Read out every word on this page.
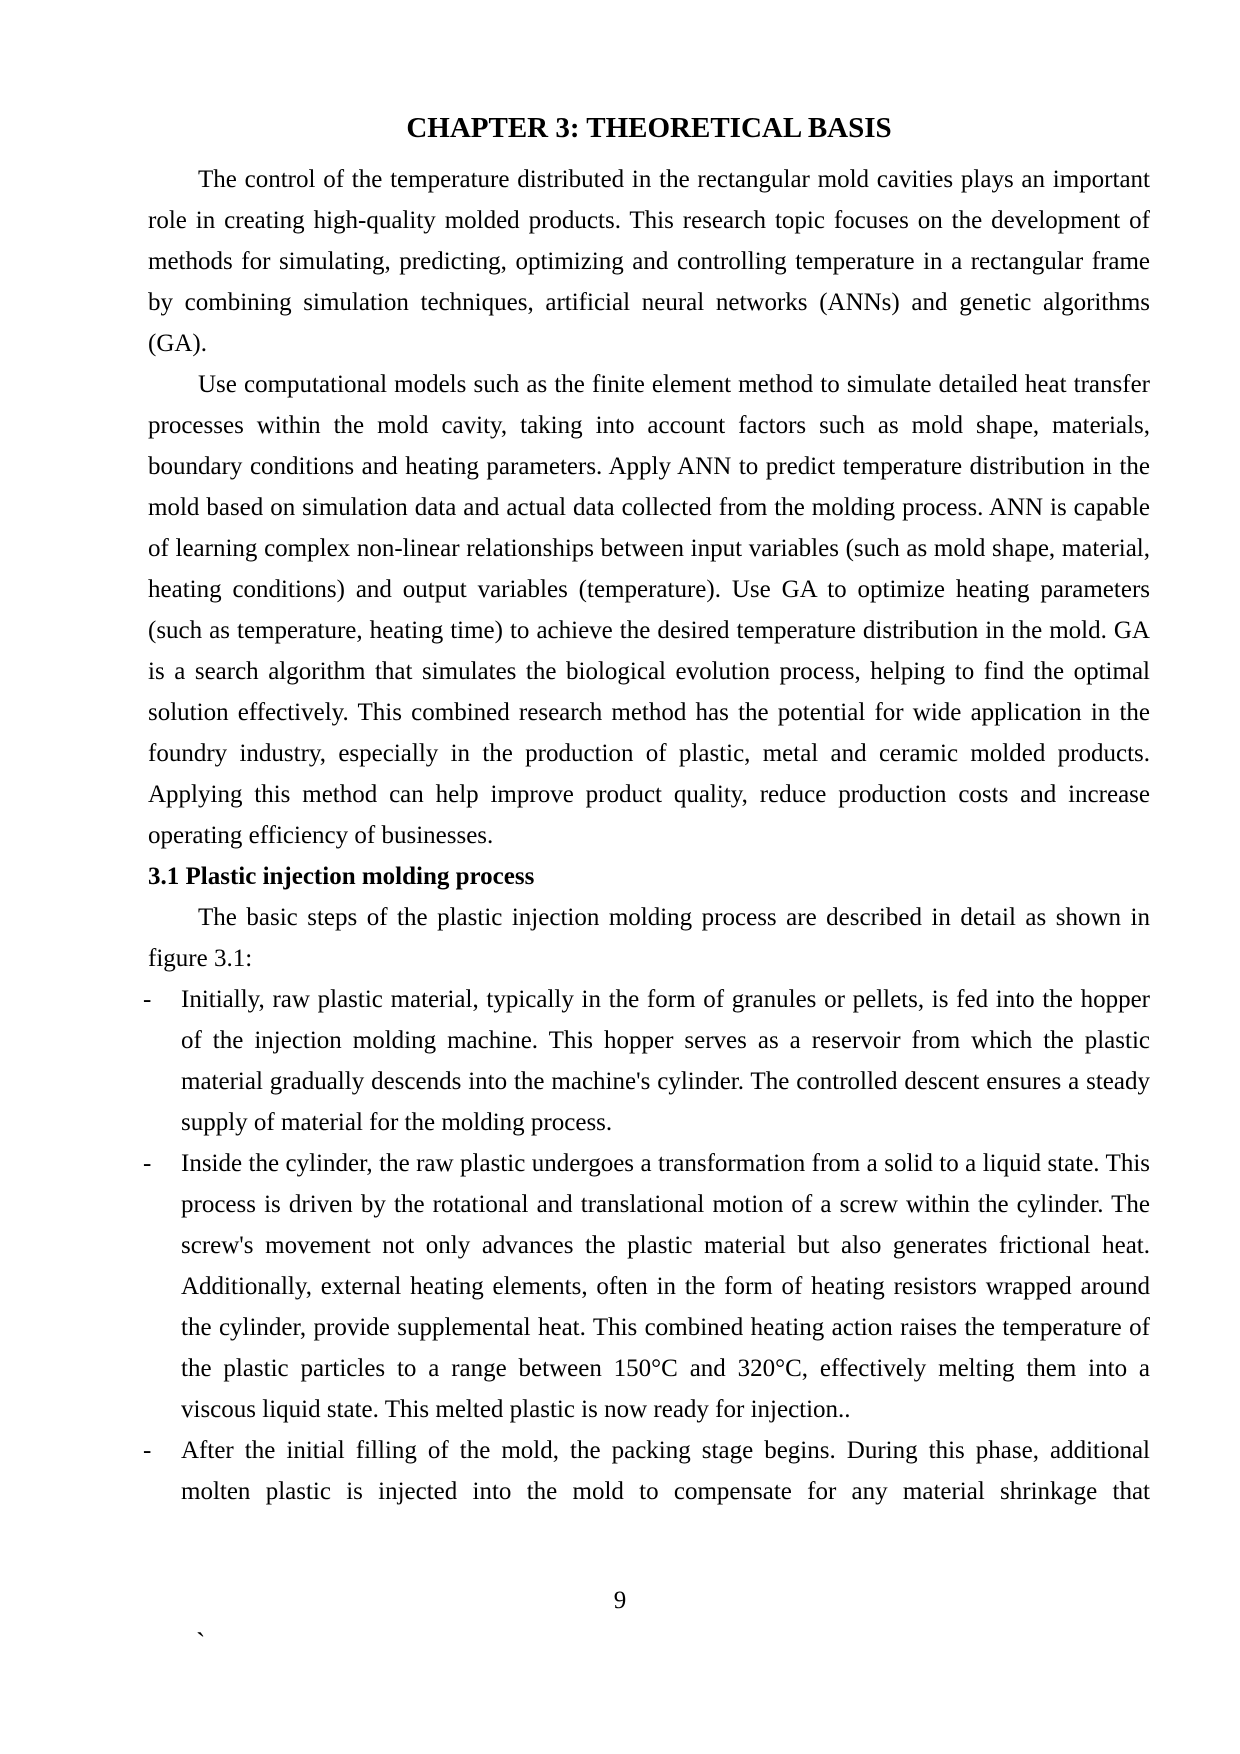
CHAPTER 3: THEORETICAL BASIS

The control of the temperature distributed in the rectangular mold cavities plays an important role in creating high-quality molded products. This research topic focuses on the development of methods for simulating, predicting, optimizing and controlling temperature in a rectangular frame by combining simulation techniques, artificial neural networks (ANNs) and genetic algorithms (GA).

Use computational models such as the finite element method to simulate detailed heat transfer processes within the mold cavity, taking into account factors such as mold shape, materials, boundary conditions and heating parameters. Apply ANN to predict temperature distribution in the mold based on simulation data and actual data collected from the molding process. ANN is capable of learning complex non-linear relationships between input variables (such as mold shape, material, heating conditions) and output variables (temperature). Use GA to optimize heating parameters (such as temperature, heating time) to achieve the desired temperature distribution in the mold. GA is a search algorithm that simulates the biological evolution process, helping to find the optimal solution effectively. This combined research method has the potential for wide application in the foundry industry, especially in the production of plastic, metal and ceramic molded products. Applying this method can help improve product quality, reduce production costs and increase operating efficiency of businesses.

3.1 Plastic injection molding process

The basic steps of the plastic injection molding process are described in detail as shown in figure 3.1:

-	Initially, raw plastic material, typically in the form of granules or pellets, is fed into the hopper of the injection molding machine. This hopper serves as a reservoir from which the plastic material gradually descends into the machine's cylinder. The controlled descent ensures a steady supply of material for the molding process.
-	Inside the cylinder, the raw plastic undergoes a transformation from a solid to a liquid state. This process is driven by the rotational and translational motion of a screw within the cylinder. The screw's movement not only advances the plastic material but also generates frictional heat. Additionally, external heating elements, often in the form of heating resistors wrapped around the cylinder, provide supplemental heat. This combined heating action raises the temperature of the plastic particles to a range between 150°C and 320°C, effectively melting them into a viscous liquid state. This melted plastic is now ready for injection..
-	After the initial filling of the mold, the packing stage begins. During this phase, additional molten plastic is injected into the mold to compensate for any material shrinkage that
9
`
